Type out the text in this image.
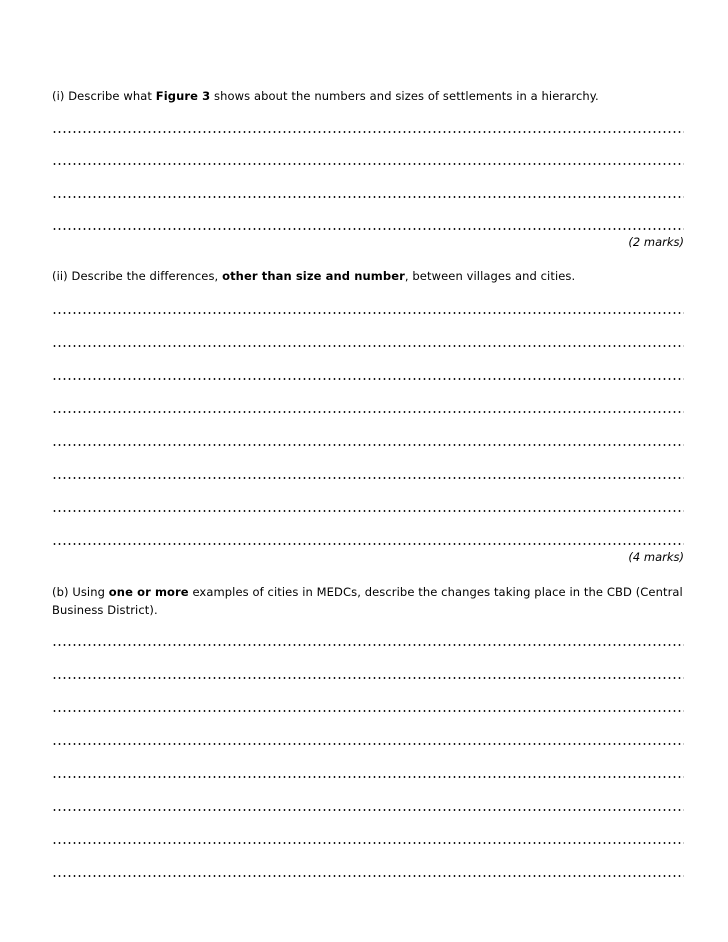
(i) Describe what Figure 3 shows about the numbers and sizes of settlements in a hierarchy.
(2 marks)
(ii) Describe the differences, other than size and number, between villages and cities.
(4 marks)
(b) Using one or more examples of cities in MEDCs, describe the changes taking place in the CBD (Central Business District).
